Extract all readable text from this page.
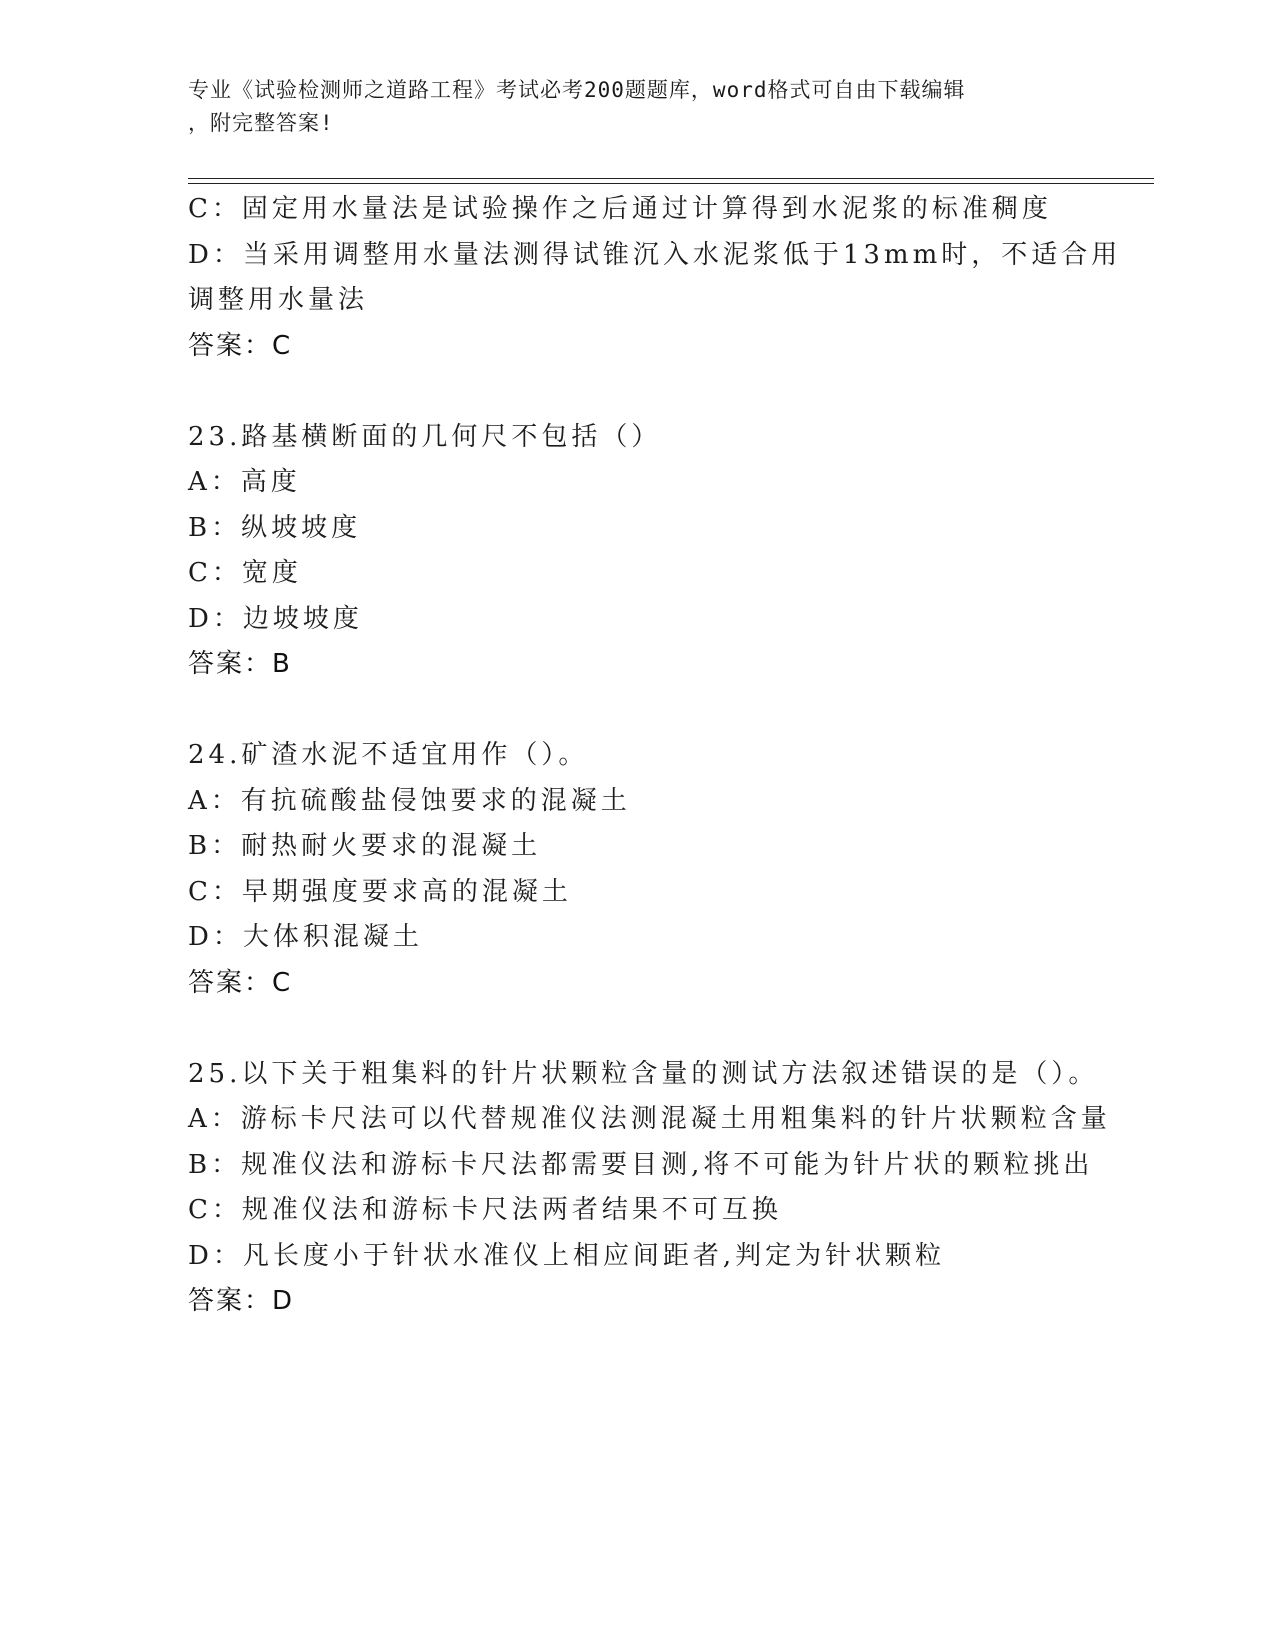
专业《试验检测师之道路工程》考试必考200题题库，word格式可自由下载编辑
，附完整答案!
C：固定用水量法是试验操作之后通过计算得到水泥浆的标准稠度
D：当采用调整用水量法测得试锥沉入水泥浆低于13mm时，不适合用
调整用水量法
答案：C
23.路基横断面的几何尺不包括（）
A：高度
B：纵坡坡度
C：宽度
D：边坡坡度
答案：B
24.矿渣水泥不适宜用作（）。
A：有抗硫酸盐侵蚀要求的混凝土
B：耐热耐火要求的混凝土
C：早期强度要求高的混凝土
D：大体积混凝土
答案：C
25.以下关于粗集料的针片状颗粒含量的测试方法叙述错误的是（）。
A：游标卡尺法可以代替规准仪法测混凝土用粗集料的针片状颗粒含量
B：规准仪法和游标卡尺法都需要目测,将不可能为针片状的颗粒挑出
C：规准仪法和游标卡尺法两者结果不可互换
D：凡长度小于针状水准仪上相应间距者,判定为针状颗粒
答案：D
